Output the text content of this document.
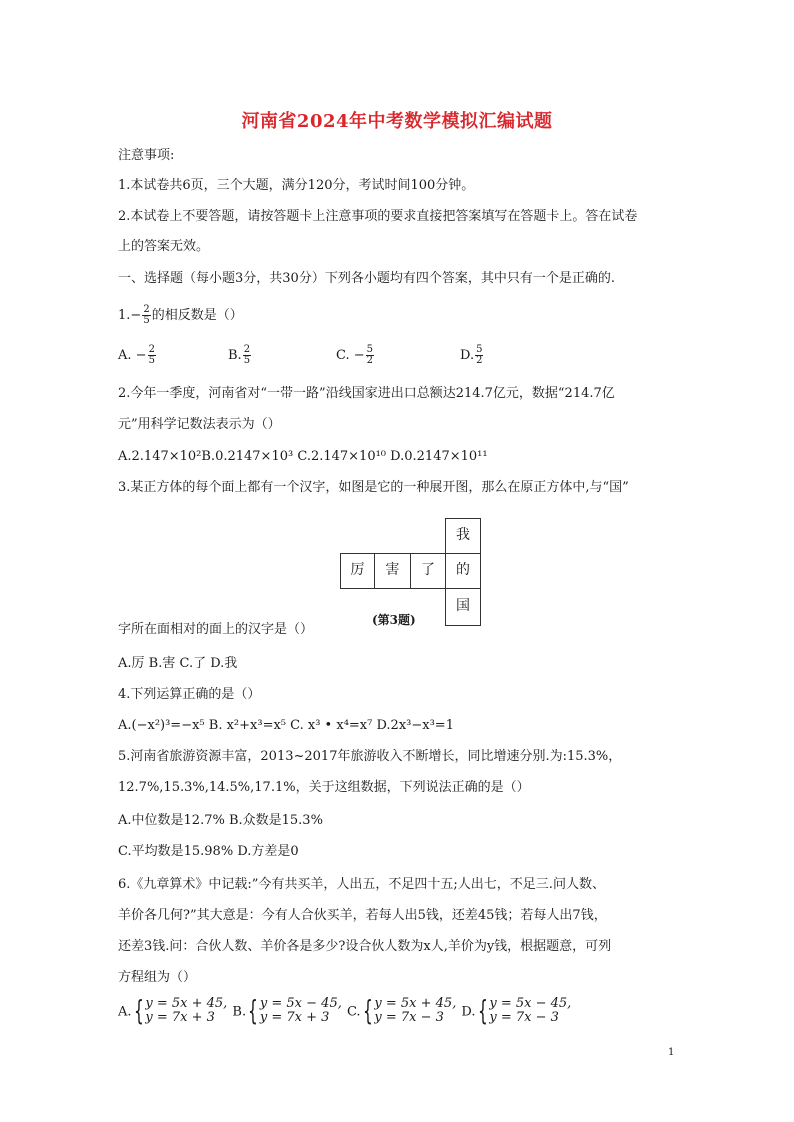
河南省2024年中考数学模拟汇编试题
注意事项:
1.本试卷共6页，三个大题，满分120分，考试时间100分钟。
2.本试卷上不要答题，请按答题卡上注意事项的要求直接把答案填写在答题卡上。答在试卷
上的答案无效。
一、选择题（每小题3分，共30分）下列各小题均有四个答案，其中只有一个是正确的.
$1.- \frac{2}{5}$ 的相反数是（）
A. − $\frac{2}{5}$	B. $\frac{2}{5}$	C. − $\frac{5}{2}$	D. $\frac{5}{2}$
2.今年一季度，河南省对“一带一路”沿线国家进出口总额达214.7亿元，数据“214.7亿
元”用科学记数法表示为（）
A.2.147×10²B.0.2147×10³ C.2.147×10¹⁰ D.0.2147×10¹¹
3.某正方体的每个面上都有一个汉字，如图是它的一种展开图，那么在原正方体中,与“国”
厉	害	了
我
的
国
(第3题)
字所在面相对的面上的汉字是（）
A.厉 B.害 C.了 D.我
4.下列运算正确的是（）
A.(−x²)³=−x⁵ B. x²+x³=x⁵ C. x³ • x⁴=x⁷ D.2x³−x³=1
5.河南省旅游资源丰富，2013~2017年旅游收入不断增长，同比增速分别.为:15.3%，
12.7%,15.3%,14.5%,17.1%，关于这组数据，下列说法正确的是（）
A.中位数是12.7% B.众数是15.3%
C.平均数是15.98% D.方差是0
6.《九章算术》中记载:”今有共买羊，人出五，不足四十五;人出七，不足三.问人数、
羊价各几何?”其大意是：今有人合伙买羊，若每人出5钱，还差45钱；若每人出7钱，
还差3钱.问：合伙人数、羊价各是多少?设合伙人数为x人,羊价为y钱，根据题意，可列
方程组为（）
A.{ y = 5x + 45,
y = 7x + 3	B.{ y = 5x − 45,
y = 7x + 3	C.{ y = 5x + 45,
y = 7x − 3	D.{ y = 5x − 45,
y = 7x − 3
1
